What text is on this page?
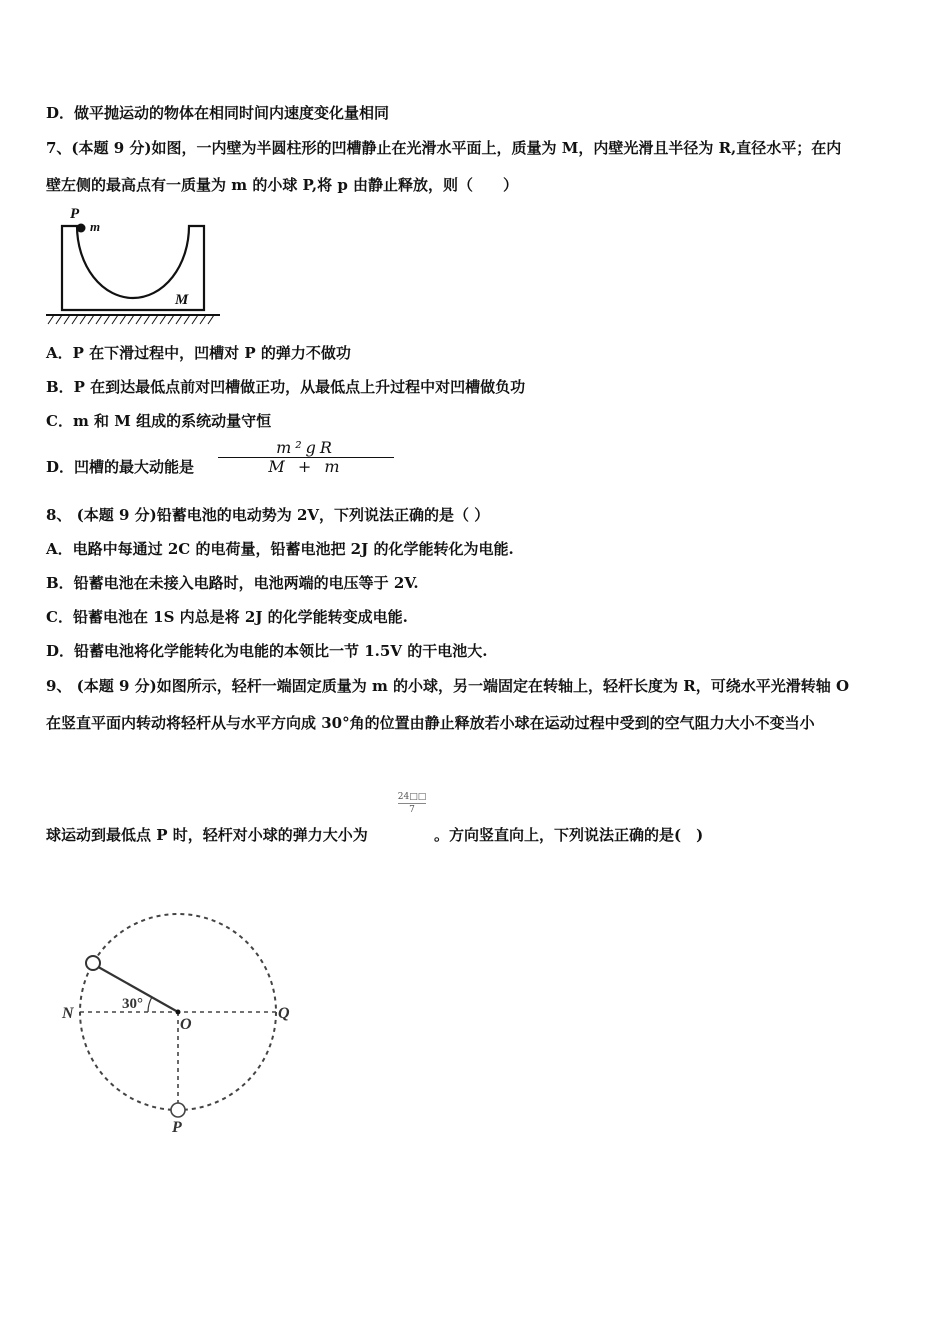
D．做平抛运动的物体在相同时间内速度变化量相同
7、(本题 9 分)如图，一内壁为半圆柱形的凹槽静止在光滑水平面上，质量为 M，内壁光滑且半径为 R,直径水平；在内
壁左侧的最高点有一质量为 m 的小球 P,将 p 由静止释放，则（　　）
P
m
M
A．P 在下滑过程中，凹槽对 P 的弹力不做功
B．P 在到达最低点前对凹槽做正功，从最低点上升过程中对凹槽做负功
C．m 和 M 组成的系统动量守恒
D．凹槽的最大动能是
m²gR
M + m
8、 (本题 9 分)铅蓄电池的电动势为 2V，下列说法正确的是（ ）
A．电路中每通过 2C 的电荷量，铅蓄电池把 2J 的化学能转化为电能.
B．铅蓄电池在未接入电路时，电池两端的电压等于 2V.
C．铅蓄电池在 1S 内总是将 2J 的化学能转变成电能.
D．铅蓄电池将化学能转化为电能的本领比一节 1.5V 的干电池大.
9、 (本题 9 分)如图所示，轻杆一端固定质量为 m 的小球，另一端固定在转轴上，轻杆长度为 R，可绕水平光滑转轴 O
在竖直平面内转动将轻杆从与水平方向成 30°角的位置由静止释放若小球在运动过程中受到的空气阻力大小不变当小
24□□
7
球运动到最低点 P 时，轻杆对小球的弹力大小为	。方向竖直向上，下列说法正确的是(　)
N	Q
O
P
30°
